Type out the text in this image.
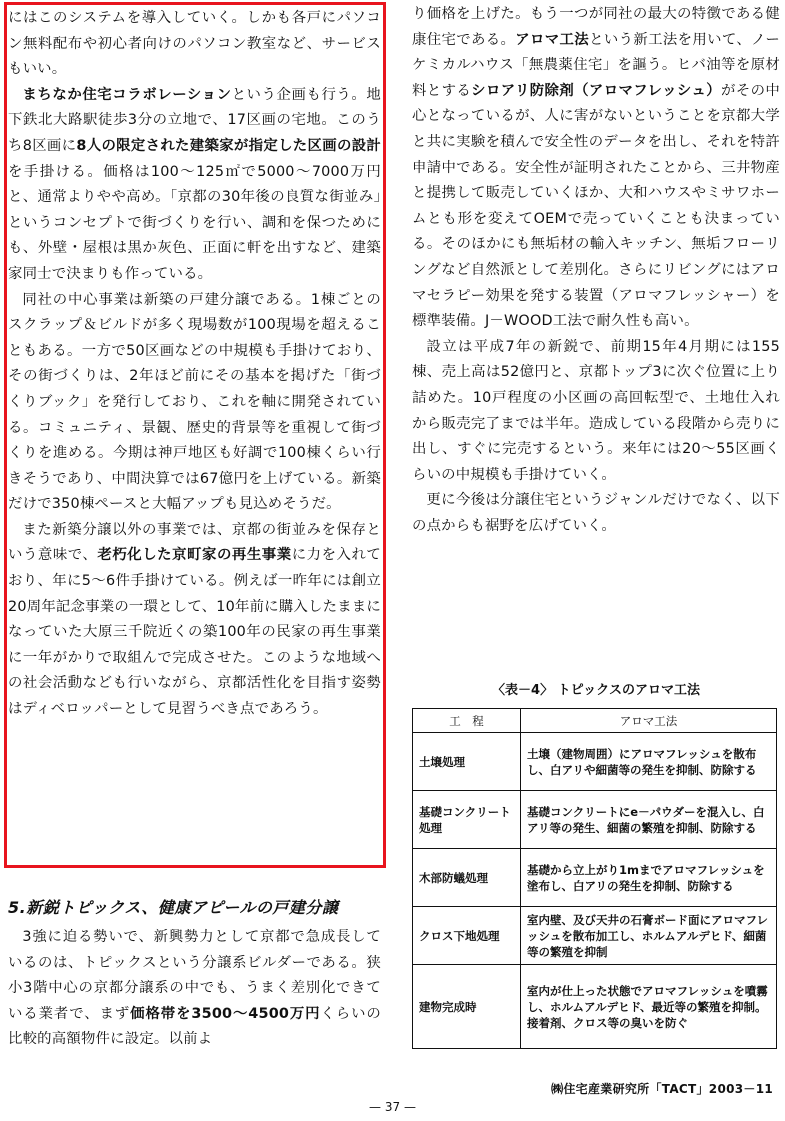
にはこのシステムを導入していく。しかも各戸にパソコン無料配布や初心者向けのパソコン教室など、サービスもいい。

まちなか住宅コラボレーションという企画も行う。地下鉄北大路駅徒歩3分の立地で、17区画の宅地。このうち8区画に8人の限定された建築家が指定した区画の設計を手掛ける。価格は100～125㎡で5000～7000万円と、通常よりやや高め。「京都の30年後の良質な街並み」というコンセプトで街づくりを行い、調和を保つためにも、外壁・屋根は黒か灰色、正面に軒を出すなど、建築家同士で決まりも作っている。

同社の中心事業は新築の戸建分譲である。1棟ごとのスクラップ＆ビルドが多く現場数が100現場を超えることもある。一方で50区画などの中規模も手掛けており、その街づくりは、2年ほど前にその基本を掲げた「街づくりブック」を発行しており、これを軸に開発されている。コミュニティ、景観、歴史的背景等を重視して街づくりを進める。今期は神戸地区も好調で100棟くらい行きそうであり、中間決算では67億円を上げている。新築だけで350棟ペースと大幅アップも見込めそうだ。

また新築分譲以外の事業では、京都の街並みを保存という意味で、老朽化した京町家の再生事業に力を入れており、年に5～6件手掛けている。例えば一昨年には創立20周年記念事業の一環として、10年前に購入したままになっていた大原三千院近くの築100年の民家の再生事業に一年がかりで取組んで完成させた。このような地域への社会活動なども行いながら、京都活性化を目指す姿勢はディベロッパーとして見習うべき点であろう。

5.新鋭トピックス、健康アピールの戸建分譲

3強に迫る勢いで、新興勢力として京都で急成長しているのは、トピックスという分譲系ビルダーである。狭小3階中心の京都分譲系の中でも、うまく差別化できている業者で、まず価格帯を3500～4500万円くらいの比較的高額物件に設定。以前よ

り価格を上げた。もう一つが同社の最大の特徴である健康住宅である。アロマ工法という新工法を用いて、ノーケミカルハウス「無農薬住宅」を謳う。ヒバ油等を原材料とするシロアリ防除剤（アロマフレッシュ）がその中心となっているが、人に害がないということを京都大学と共に実験を積んで安全性のデータを出し、それを特許申請中である。安全性が証明されたことから、三井物産と提携して販売していくほか、大和ハウスやミサワホームとも形を変えてOEMで売っていくことも決まっている。そのほかにも無垢材の輸入キッチン、無垢フローリングなど自然派として差別化。さらにリビングにはアロマセラピー効果を発する装置（アロマフレッシャー）を標準装備。J－WOOD工法で耐久性も高い。

設立は平成7年の新鋭で、前期15年4月期には155棟、売上高は52億円と、京都トップ3に次ぐ位置に上り詰めた。10戸程度の小区画の高回転型で、土地仕入れから販売完了までは半年。造成している段階から売りに出し、すぐに完売するという。来年には20～55区画くらいの中規模も手掛けていく。

更に今後は分譲住宅というジャンルだけでなく、以下の点からも裾野を広げていく。

〈表－4〉 トピックスのアロマ工法
工　程	アロマ工法
土壌処理	土壌（建物周囲）にアロマフレッシュを散布し、白アリや細菌等の発生を抑制、防除する
基礎コンクリート処理	基礎コンクリートにe－パウダーを混入し、白アリ等の発生、細菌の繁殖を抑制、防除する
木部防蟻処理	基礎から立上がり1mまでアロマフレッシュを塗布し、白アリの発生を抑制、防除する
クロス下地処理	室内壁、及び天井の石膏ボード面にアロマフレッシュを散布加工し、ホルムアルデヒド、細菌等の繁殖を抑制
建物完成時	室内が仕上った状態でアロマフレッシュを噴霧し、ホルムアルデヒド、最近等の繁殖を抑制。接着剤、クロス等の臭いを防ぐ
㈱住宅産業研究所「TACT」2003－11
— 37 —
